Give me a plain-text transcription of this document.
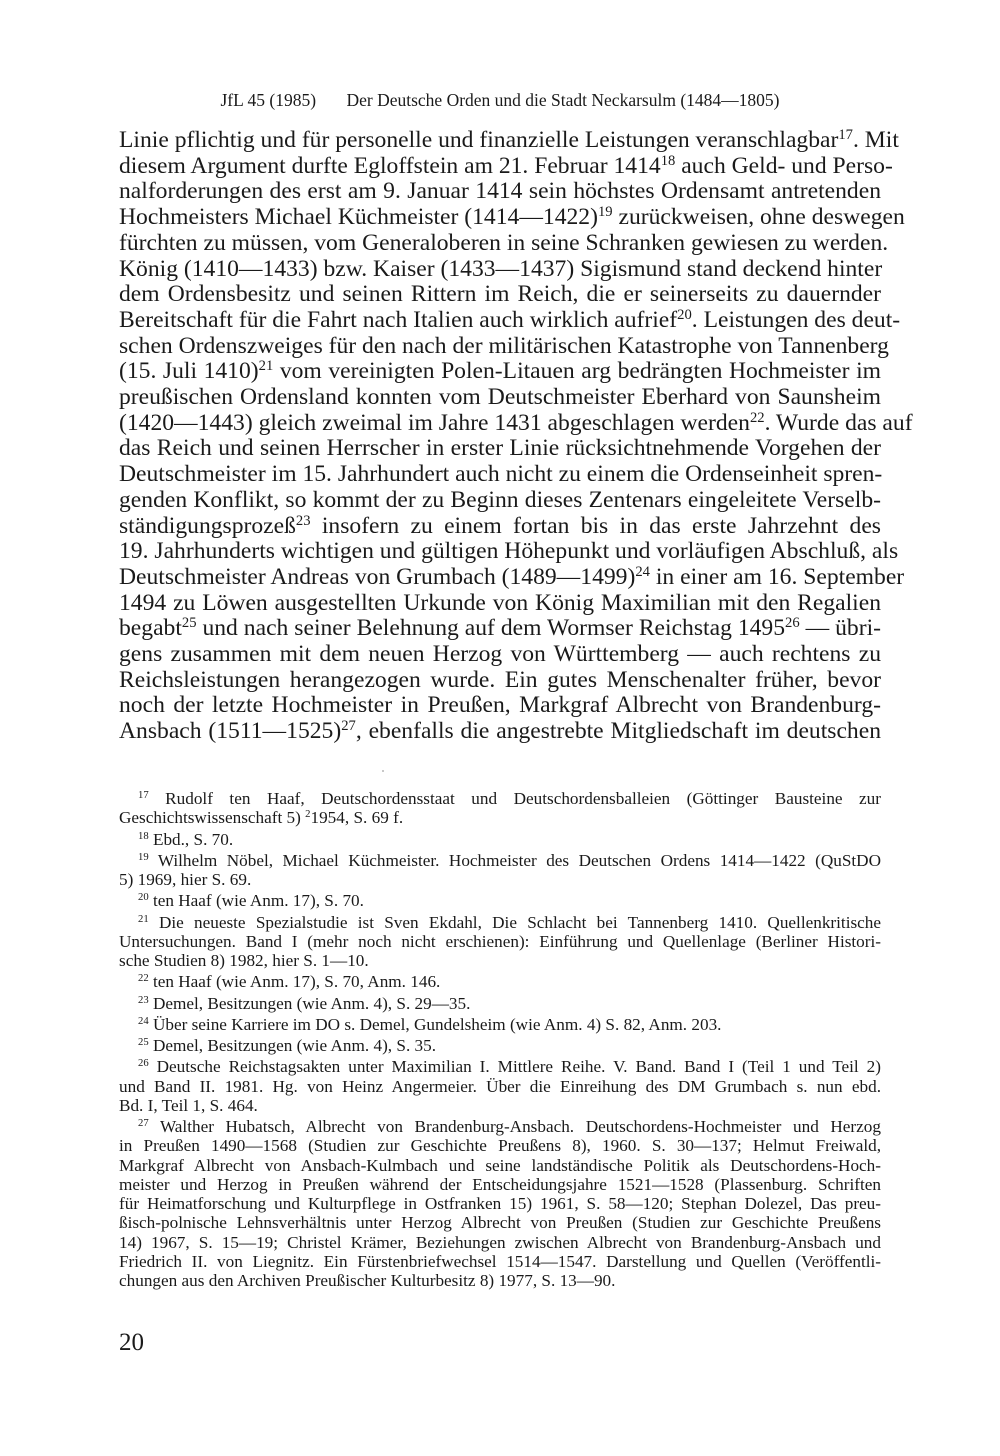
JfL 45 (1985) Der Deutsche Orden und die Stadt Neckarsulm (1484—1805)
Linie pflichtig und für personelle und finanzielle Leistungen veranschlagbar$^{17}$. Mit
diesem Argument durfte Egloffstein am 21. Februar 1414$^{18}$ auch Geld- und Perso-
nalforderungen des erst am 9. Januar 1414 sein höchstes Ordensamt antretenden
Hochmeisters Michael Küchmeister (1414—1422)$^{19}$ zurückweisen, ohne deswegen
fürchten zu müssen, vom Generaloberen in seine Schranken gewiesen zu werden.
König (1410—1433) bzw. Kaiser (1433—1437) Sigismund stand deckend hinter
dem Ordensbesitz und seinen Rittern im Reich, die er seinerseits zu dauernder
Bereitschaft für die Fahrt nach Italien auch wirklich aufrief$^{20}$. Leistungen des deut-
schen Ordenszweiges für den nach der militärischen Katastrophe von Tannenberg
(15. Juli 1410)$^{21}$ vom vereinigten Polen-Litauen arg bedrängten Hochmeister im
preußischen Ordensland konnten vom Deutschmeister Eberhard von Saunsheim
(1420—1443) gleich zweimal im Jahre 1431 abgeschlagen werden$^{22}$. Wurde das auf
das Reich und seinen Herrscher in erster Linie rücksichtnehmende Vorgehen der
Deutschmeister im 15. Jahrhundert auch nicht zu einem die Ordenseinheit spren-
genden Konflikt, so kommt der zu Beginn dieses Zentenars eingeleitete Verselb-
ständigungsprozeß$^{23}$ insofern zu einem fortan bis in das erste Jahrzehnt des
19. Jahrhunderts wichtigen und gültigen Höhepunkt und vorläufigen Abschluß, als
Deutschmeister Andreas von Grumbach (1489—1499)$^{24}$ in einer am 16. September
1494 zu Löwen ausgestellten Urkunde von König Maximilian mit den Regalien
begabt$^{25}$ und nach seiner Belehnung auf dem Wormser Reichstag 1495$^{26}$ — übri-
gens zusammen mit dem neuen Herzog von Württemberg — auch rechtens zu
Reichsleistungen herangezogen wurde. Ein gutes Menschenalter früher, bevor
noch der letzte Hochmeister in Preußen, Markgraf Albrecht von Brandenburg-
Ansbach (1511—1525)$^{27}$, ebenfalls die angestrebte Mitgliedschaft im deutschen
$^{17}$ Rudolf ten Haaf, Deutschordensstaat und Deutschordensballeien (Göttinger Bausteine zur
Geschichtswissenschaft 5) $^2$1954, S. 69 f.
$^{18}$ Ebd., S. 70.
$^{19}$ Wilhelm Nöbel, Michael Küchmeister. Hochmeister des Deutschen Ordens 1414—1422 (QuStDO
5) 1969, hier S. 69.
$^{20}$ ten Haaf (wie Anm. 17), S. 70.
$^{21}$ Die neueste Spezialstudie ist Sven Ekdahl, Die Schlacht bei Tannenberg 1410. Quellenkritische
Untersuchungen. Band I (mehr noch nicht erschienen): Einführung und Quellenlage (Berliner Histori-
sche Studien 8) 1982, hier S. 1—10.
$^{22}$ ten Haaf (wie Anm. 17), S. 70, Anm. 146.
$^{23}$ Demel, Besitzungen (wie Anm. 4), S. 29—35.
$^{24}$ Über seine Karriere im DO s. Demel, Gundelsheim (wie Anm. 4) S. 82, Anm. 203.
$^{25}$ Demel, Besitzungen (wie Anm. 4), S. 35.
$^{26}$ Deutsche Reichstagsakten unter Maximilian I. Mittlere Reihe. V. Band. Band I (Teil 1 und Teil 2)
und Band II. 1981. Hg. von Heinz Angermeier. Über die Einreihung des DM Grumbach s. nun ebd.
Bd. I, Teil 1, S. 464.
$^{27}$ Walther Hubatsch, Albrecht von Brandenburg-Ansbach. Deutschordens-Hochmeister und Herzog
in Preußen 1490—1568 (Studien zur Geschichte Preußens 8), 1960. S. 30—137; Helmut Freiwald,
Markgraf Albrecht von Ansbach-Kulmbach und seine landständische Politik als Deutschordens-Hoch-
meister und Herzog in Preußen während der Entscheidungsjahre 1521—1528 (Plassenburg. Schriften
für Heimatforschung und Kulturpflege in Ostfranken 15) 1961, S. 58—120; Stephan Dolezel, Das preu-
ßisch-polnische Lehnsverhältnis unter Herzog Albrecht von Preußen (Studien zur Geschichte Preußens
14) 1967, S. 15—19; Christel Krämer, Beziehungen zwischen Albrecht von Brandenburg-Ansbach und
Friedrich II. von Liegnitz. Ein Fürstenbriefwechsel 1514—1547. Darstellung und Quellen (Veröffentli-
chungen aus den Archiven Preußischer Kulturbesitz 8) 1977, S. 13—90.
20
